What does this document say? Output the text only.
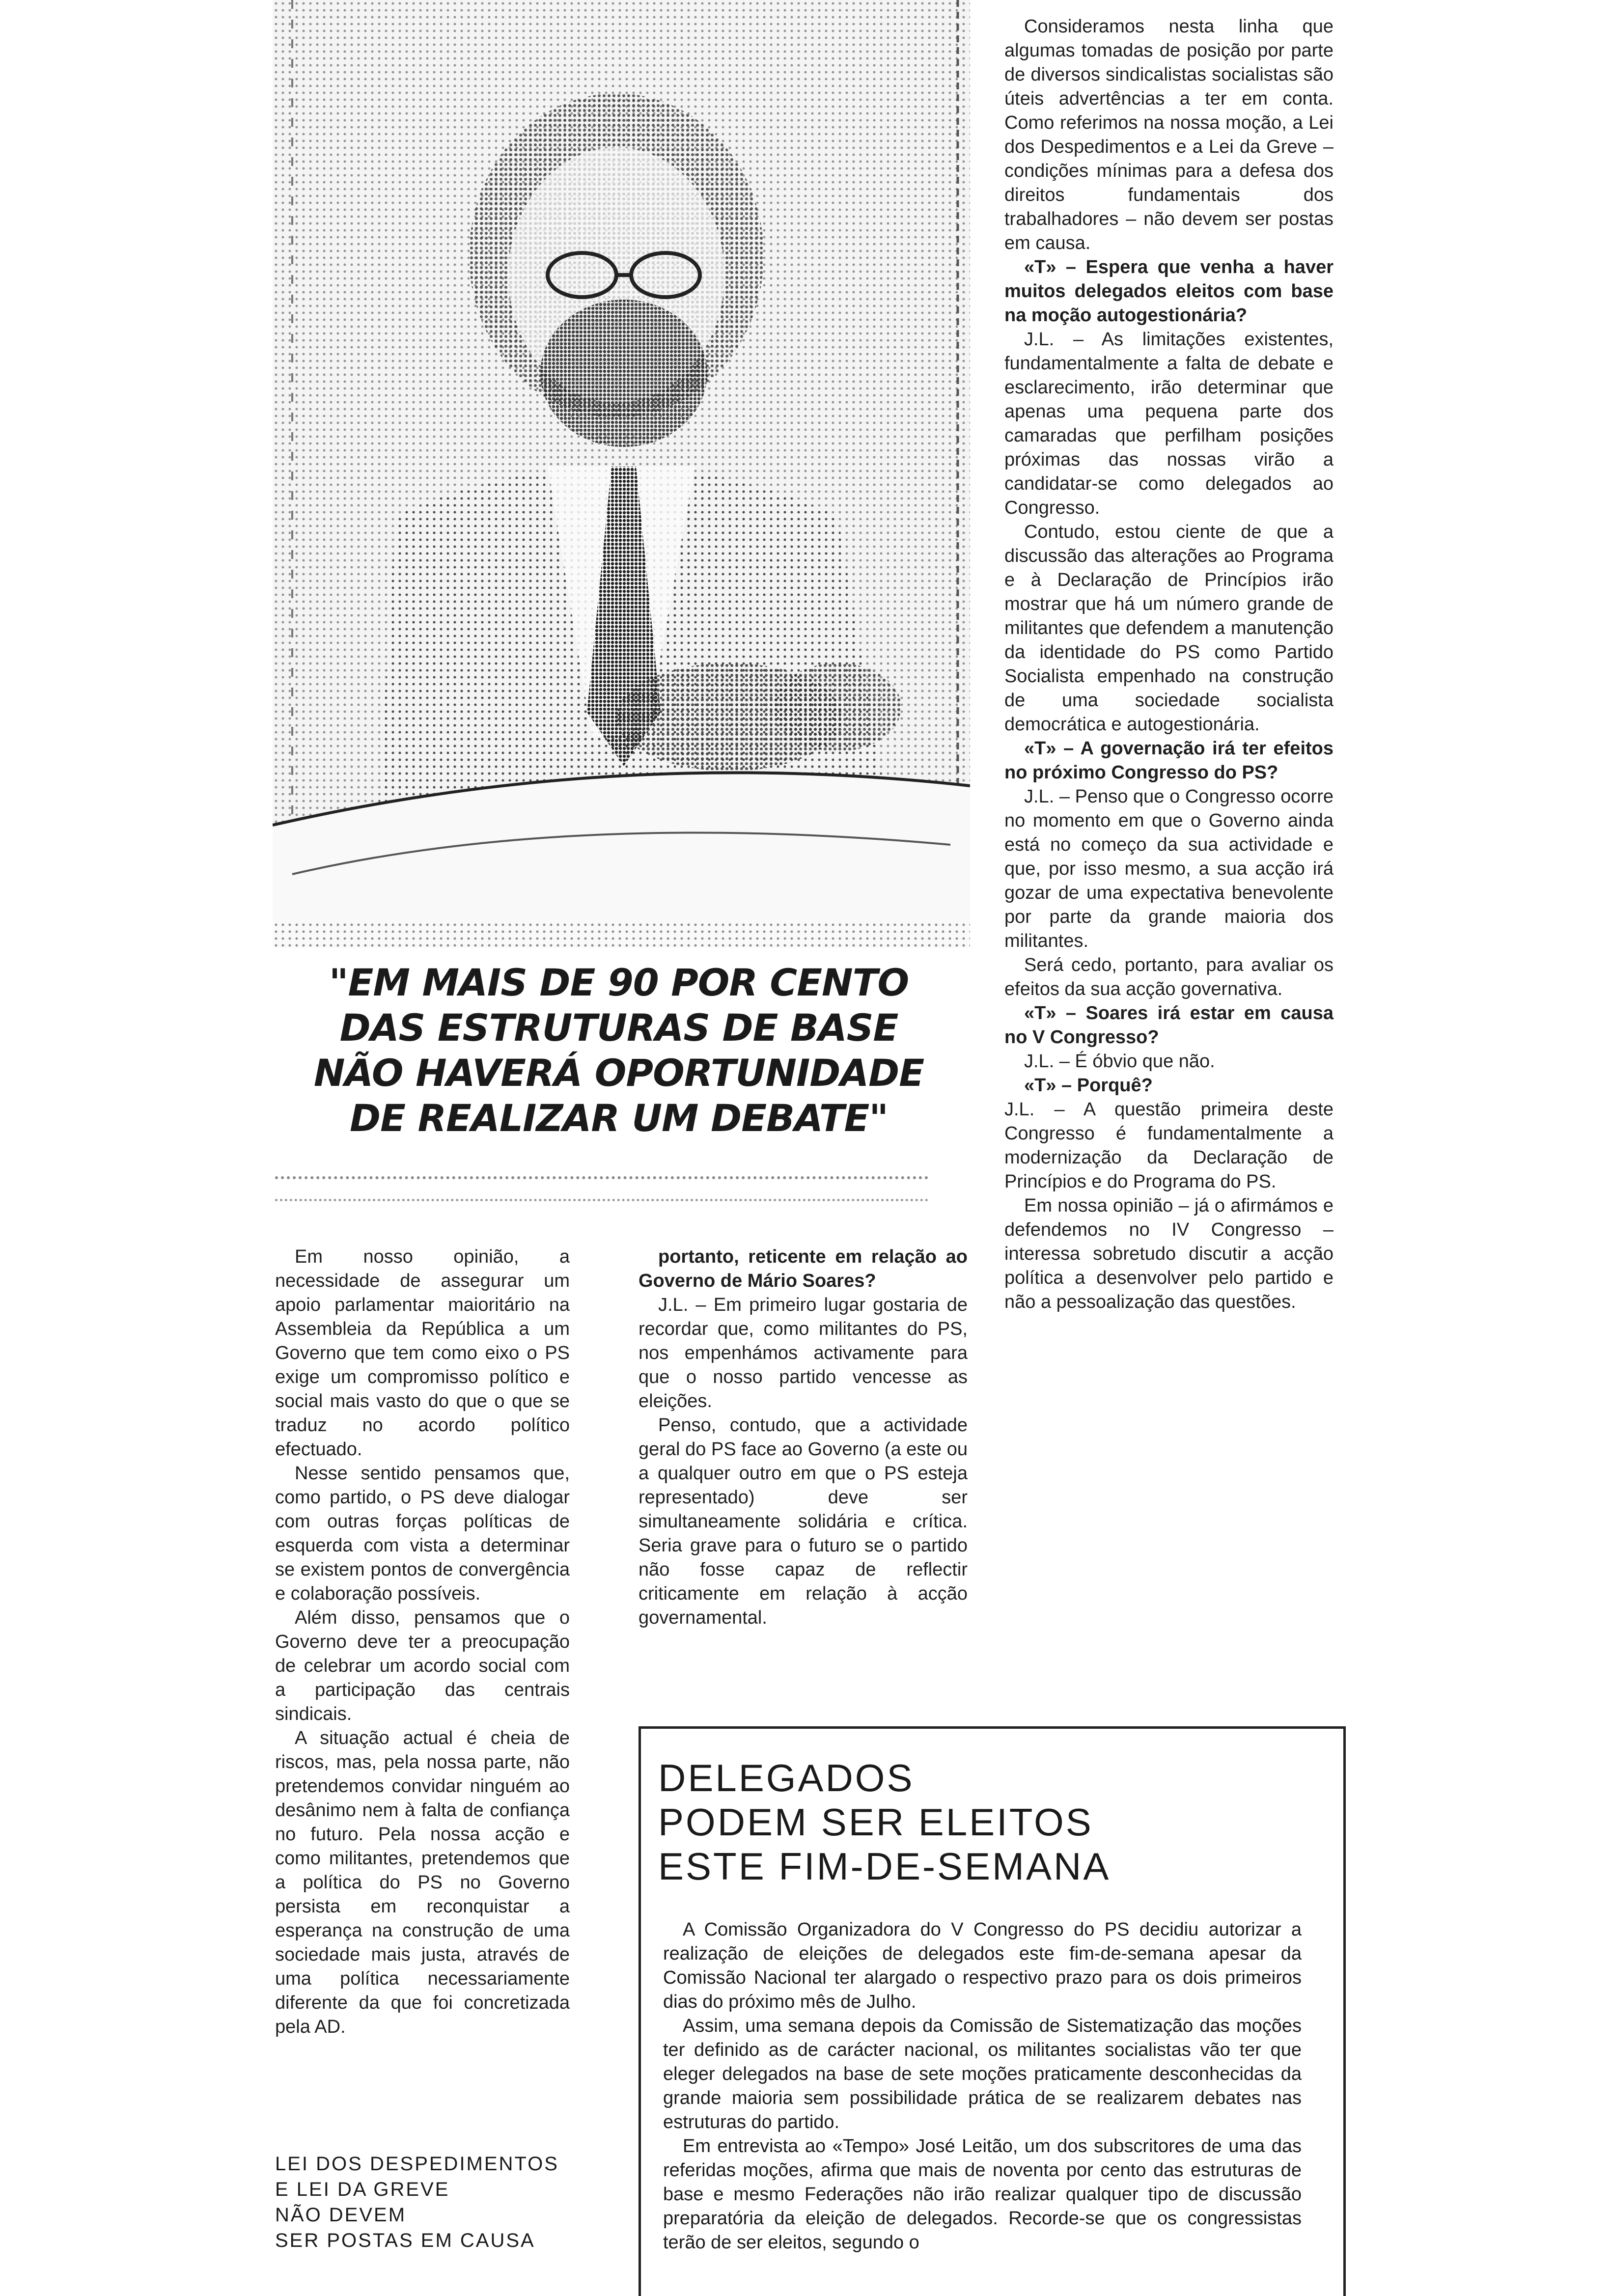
"EM MAIS DE 90 POR CENTO
DAS ESTRUTURAS DE BASE
NÃO HAVERÁ OPORTUNIDADE
DE REALIZAR UM DEBATE"

Consideramos nesta linha que algumas tomadas de posição por parte de diversos sindicalistas socialistas são úteis advertências a ter em conta. Como referimos na nossa moção, a Lei dos Despedimentos e a Lei da Greve – condições mínimas para a defesa dos direitos fundamentais dos trabalhadores – não devem ser postas em causa.

«T» – Espera que venha a haver muitos delegados eleitos com base na moção autogestionária?

J.L. – As limitações existentes, fundamentalmente a falta de debate e esclarecimento, irão determinar que apenas uma pequena parte dos camaradas que perfilham posições próximas das nossas virão a candidatar-se como delegados ao Congresso.

Contudo, estou ciente de que a discussão das alterações ao Programa e à Declaração de Princípios irão mostrar que há um número grande de militantes que defendem a manutenção da identidade do PS como Partido Socialista empenhado na construção de uma sociedade socialista democrática e autogestionária.

«T» – A governação irá ter efeitos no próximo Congresso do PS?

J.L. – Penso que o Congresso ocorre no momento em que o Governo ainda está no começo da sua actividade e que, por isso mesmo, a sua acção irá gozar de uma expectativa benevolente por parte da grande maioria dos militantes.

Será cedo, portanto, para avaliar os efeitos da sua acção governativa.

«T» – Soares irá estar em causa no V Congresso?

J.L. – É óbvio que não.

«T» – Porquê?

J.L. – A questão primeira deste Congresso é fundamentalmente a modernização da Declaração de Princípios e do Programa do PS.

Em nossa opinião – já o afirmámos e defendemos no IV Congresso – interessa sobretudo discutir a acção política a desenvolver pelo partido e não a pessoalização das questões.

Em nosso opinião, a necessidade de assegurar um apoio parlamentar maioritário na Assembleia da República a um Governo que tem como eixo o PS exige um compromisso político e social mais vasto do que o que se traduz no acordo político efectuado.

Nesse sentido pensamos que, como partido, o PS deve dialogar com outras forças políticas de esquerda com vista a determinar se existem pontos de convergência e colaboração possíveis.

Além disso, pensamos que o Governo deve ter a preocupação de celebrar um acordo social com a participação das centrais sindicais.

A situação actual é cheia de riscos, mas, pela nossa parte, não pretendemos convidar ninguém ao desânimo nem à falta de confiança no futuro. Pela nossa acção e como militantes, pretendemos que a política do PS no Governo persista em reconquistar a esperança na construção de uma sociedade mais justa, através de uma política necessariamente diferente da que foi concretizada pela AD.

LEI DOS DESPEDIMENTOS
E LEI DA GREVE
NÃO DEVEM
SER POSTAS EM CAUSA

portanto, reticente em relação ao Governo de Mário Soares?

J.L. – Em primeiro lugar gostaria de recordar que, como militantes do PS, nos empenhámos activamente para que o nosso partido vencesse as eleições.

Penso, contudo, que a actividade geral do PS face ao Governo (a este ou a qualquer outro em que o PS esteja representado) deve ser simultaneamente solidária e crítica. Seria grave para o futuro se o partido não fosse capaz de reflectir criticamente em relação à acção governamental.

DELEGADOS
PODEM SER ELEITOS
ESTE FIM-DE-SEMANA

A Comissão Organizadora do V Congresso do PS decidiu autorizar a realização de eleições de delegados este fim-de-semana apesar da Comissão Nacional ter alargado o respectivo prazo para os dois primeiros dias do próximo mês de Julho.

Assim, uma semana depois da Comissão de Sistematização das moções ter definido as de carácter nacional, os militantes socialistas vão ter que eleger delegados na base de sete moções praticamente desconhecidas da grande maioria sem possibilidade prática de se realizarem debates nas estruturas do partido.

Em entrevista ao «Tempo» José Leitão, um dos subscritores de uma das referidas moções, afirma que mais de noventa por cento das estruturas de base e mesmo Federações não irão realizar qualquer tipo de discussão preparatória da eleição de delegados. Recorde-se que os congressistas terão de ser eleitos, segundo o
